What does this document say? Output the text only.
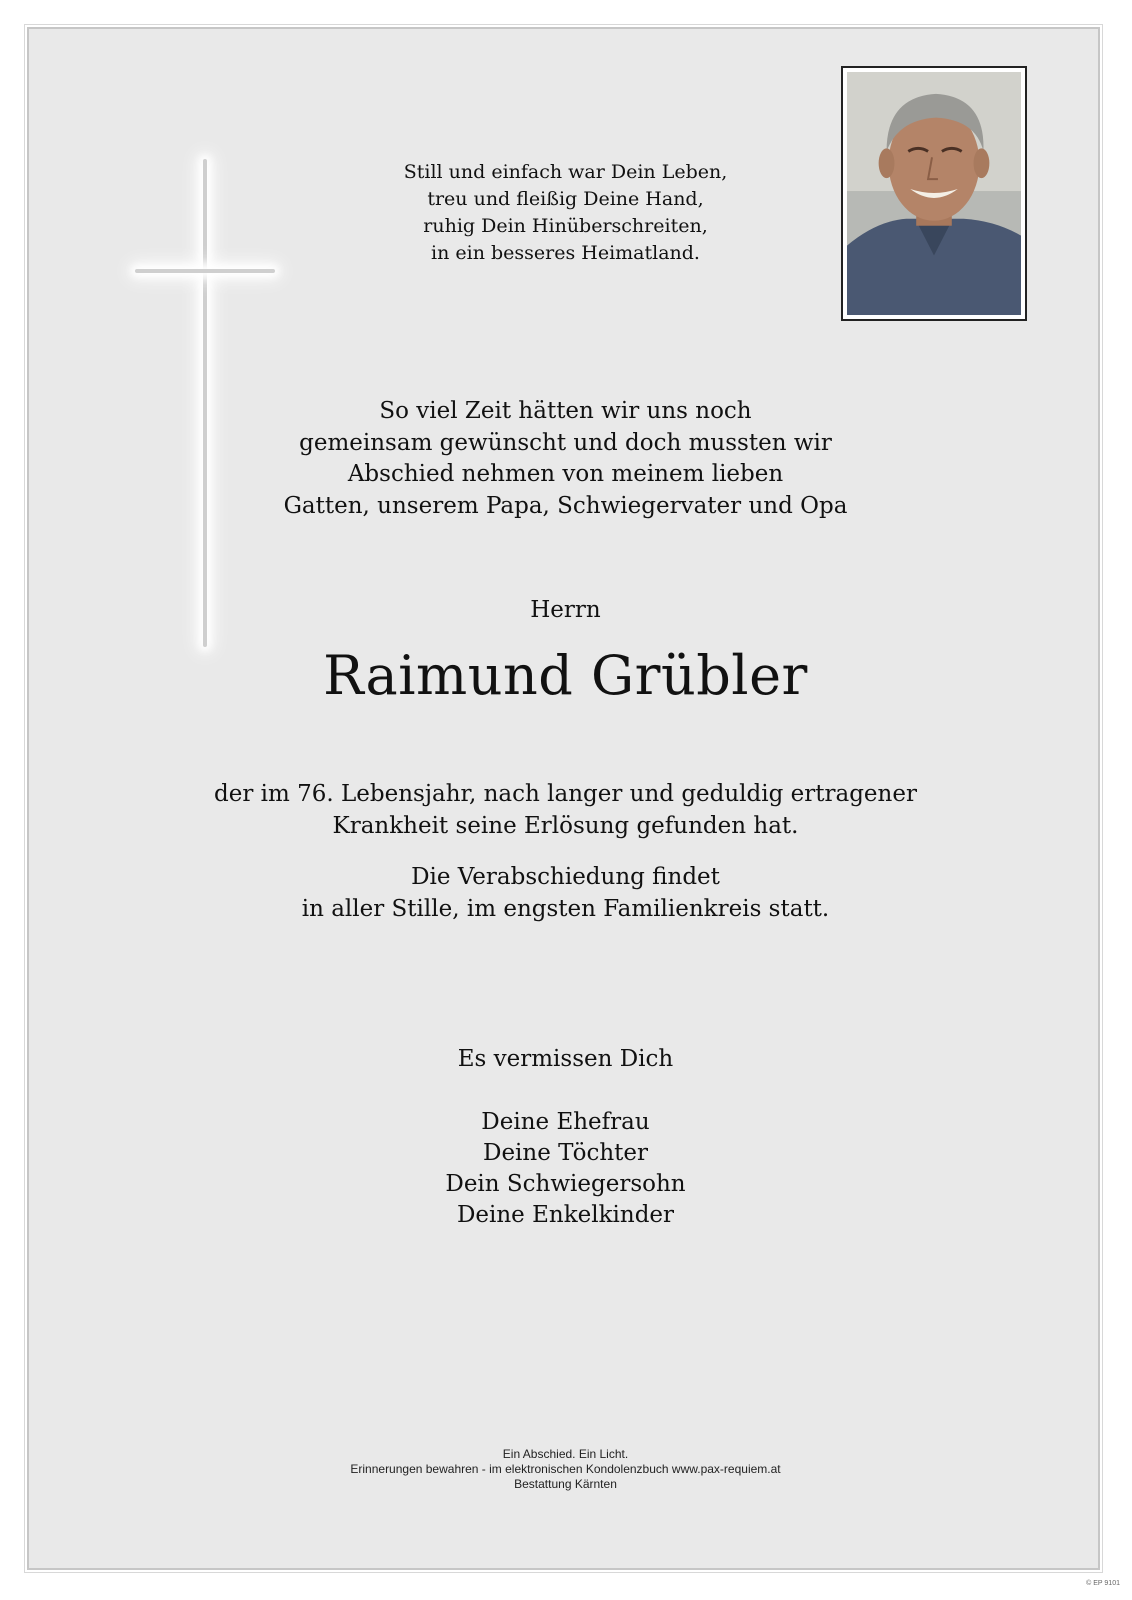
Still und einfach war Dein Leben,
treu und fleißig Deine Hand,
ruhig Dein Hinüberschreiten,
in ein besseres Heimatland.
So viel Zeit hätten wir uns noch
gemeinsam gewünscht und doch mussten wir
Abschied nehmen von meinem lieben
Gatten, unserem Papa, Schwiegervater und Opa
Herrn
Raimund Grübler
der im 76. Lebensjahr, nach langer und geduldig ertragener
Krankheit seine Erlösung gefunden hat.
Die Verabschiedung findet
in aller Stille, im engsten Familienkreis statt.
Es vermissen Dich
Deine Ehefrau
Deine Töchter
Dein Schwiegersohn
Deine Enkelkinder
Ein Abschied. Ein Licht.
Erinnerungen bewahren - im elektronischen Kondolenzbuch www.pax-requiem.at
Bestattung Kärnten
© EP 9101
